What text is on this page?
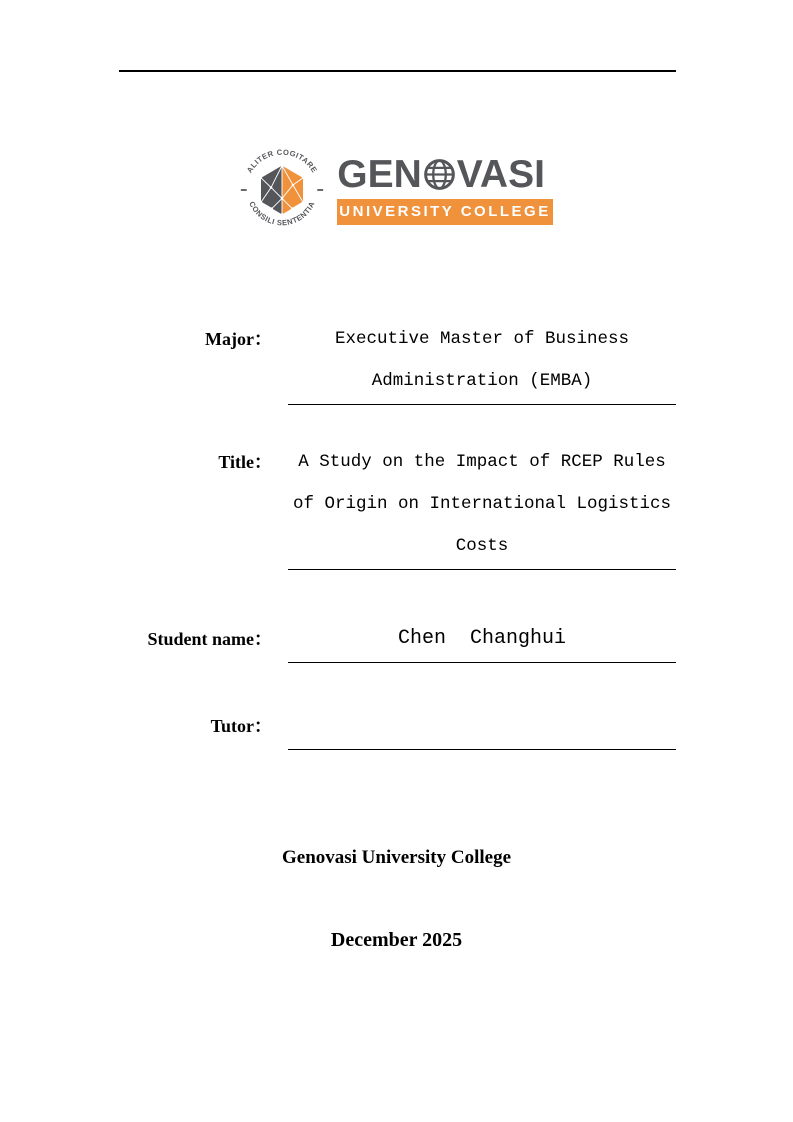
ALITER COGITARE
CONSILI SENTENTIA
GEN VASI
UNIVERSITY COLLEGE
Major：	Executive Master of Business
Administration (EMBA)
Title：	A Study on the Impact of RCEP Rules
of Origin on International Logistics
Costs
Student name：	Chen  Changhui
Tutor：
Genovasi University College
December 2025
